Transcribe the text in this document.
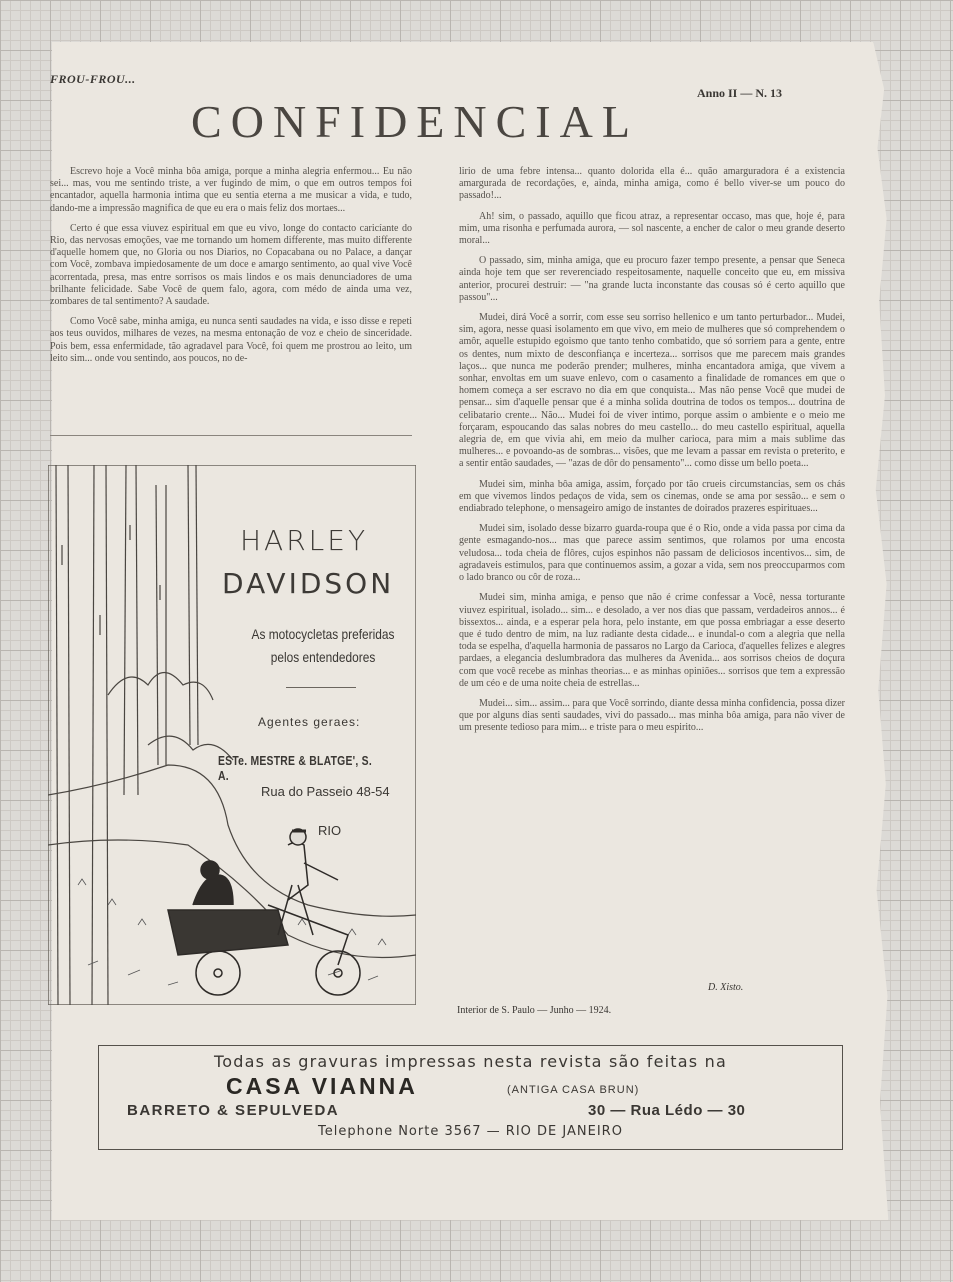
FROU-FROU...
Anno II — N. 13
CONFIDENCIAL

Escrevo hoje a Você minha bôa amiga, porque a minha alegria enfermou... Eu não sei... mas, vou me sentindo triste, a ver fugindo de mim, o que em outros tempos foi encantador, aquella harmonia intima que eu sentia eterna a me musicar a vida, e tudo, dando-me a impressão magnifica de que eu era o mais feliz dos mortaes...

Certo é que essa viuvez espiritual em que eu vivo, longe do contacto caricíante do Rio, das nervosas emoções, vae me tornando um homem differente, mas muito differente d'aquelle homem que, no Gloria ou nos Diarios, no Copacabana ou no Palace, a dançar com Você, zombava impiedosamente de um doce e amargo sentimento, ao qual vive Você acorrentada, presa, mas entre sorrisos os mais lindos e os mais denunciadores de uma brilhante felicidade. Sabe Você de quem falo, agora, com médo de ainda uma vez, zombares de tal sentimento? A saudade.

Como Você sabe, minha amiga, eu nunca senti saudades na vida, e isso disse e repeti aos teus ouvidos, milhares de vezes, na mesma entonação de voz e cheio de sinceridade. Pois bem, essa enfermidade, tão agradavel para Você, foi quem me prostrou ao leito, um leito sim... onde vou sentindo, aos poucos, no de-

HARLEY
DAVIDSON
As motocycletas preferidas
pelos entendedores
Agentes geraes:
ESTe. MESTRE & BLATGE', S. A.
Rua do Passeio 48-54
RIO

lirio de uma febre intensa... quanto dolorida ella é... quão amarguradora é a existencia amargurada de recordações, e, ainda, minha amiga, como é bello viver-se um pouco do passado!...

Ah! sim, o passado, aquillo que ficou atraz, a representar occaso, mas que, hoje é, para mim, uma risonha e perfumada aurora, — sol nascente, a encher de calor o meu grande deserto moral...

O passado, sim, minha amiga, que eu procuro fazer tempo presente, a pensar que Seneca ainda hoje tem que ser reverenciado respeitosamente, naquelle conceito que eu, em missiva anterior, procurei destruir: — "na grande lucta inconstante das cousas só é certo aquillo que passou"...

Mudei, dirá Você a sorrir, com esse seu sorriso hellenico e um tanto perturbador... Mudei, sim, agora, nesse quasi isolamento em que vivo, em meio de mulheres que só comprehendem o amôr, aquelle estupido egoismo que tanto tenho combatido, que só sorriem para a gente, entre os dentes, num mixto de desconfiança e incerteza... sorrisos que me parecem mais grandes laços... que nunca me poderão prender; mulheres, minha encantadora amiga, que vivem a sonhar, envoltas em um suave enlevo, com o casamento a finalidade de romances em que o homem começa a ser escravo no dia em que conquista... Mas não pense Você que mudei de pensar... sim d'aquelle pensar que é a minha solida doutrina de todos os tempos... doutrina de celibatario crente... Não... Mudei foi de viver intimo, porque assim o ambiente e o meio me forçaram, espoucando das salas nobres do meu castello... do meu castello espiritual, aquella alegria de, em que vivia ahi, em meio da mulher carioca, para mim a mais sublime das mulheres... e povoando-as de sombras... visões, que me levam a passar em revista o preterito, e a sentir então saudades, — "azas de dôr do pensamento"... como disse um bello poeta...

Mudei sim, minha bôa amiga, assim, forçado por tão crueis circumstancias, sem os chás em que vivemos lindos pedaços de vida, sem os cinemas, onde se ama por sessão... e sem o endiabrado telephone, o mensageiro amigo de instantes de doirados prazeres espirituaes...

Mudei sim, isolado desse bizarro guarda-roupa que é o Rio, onde a vida passa por cima da gente esmagando-nos... mas que parece assim sentimos, que rolamos por uma encosta veludosa... toda cheia de flôres, cujos espinhos não passam de deliciosos incentivos... sim, de agradaveis estimulos, para que continuemos assim, a gozar a vida, sem nos preoccuparmos com o lado branco ou côr de roza...

Mudei sim, minha amiga, e penso que não é crime confessar a Você, nessa torturante viuvez espiritual, isolado... sim... e desolado, a ver nos dias que passam, verdadeiros annos... é bissextos... ainda, e a esperar pela hora, pelo instante, em que possa embriagar a esse deserto que é tudo dentro de mim, na luz radiante desta cidade... e inundal-o com a alegria que nella toda se espelha, d'aquella harmonia de passaros no Largo da Carioca, d'aquelles felizes e alegres pardaes, a elegancia deslumbradora das mulheres da Avenida... aos sorrisos cheios de doçura com que você recebe as minhas theorias... e as minhas opiniões... sorrisos que tem a expressão de um céo e de uma noite cheia de estrellas...

Mudei... sim... assim... para que Você sorrindo, diante dessa minha confidencia, possa dizer que por alguns dias senti saudades, vivi do passado... mas minha bôa amiga, para não viver de um presente tedioso para mim... e triste para o meu espirito...

D. Xisto.
Interior de S. Paulo — Junho — 1924.
Todas as gravuras impressas nesta revista são feitas na
CASA VIANNA	(ANTIGA CASA BRUN)
BARRETO & SEPULVEDA	30 — Rua Lédo — 30
Telephone Norte 3567 — RIO DE JANEIRO
